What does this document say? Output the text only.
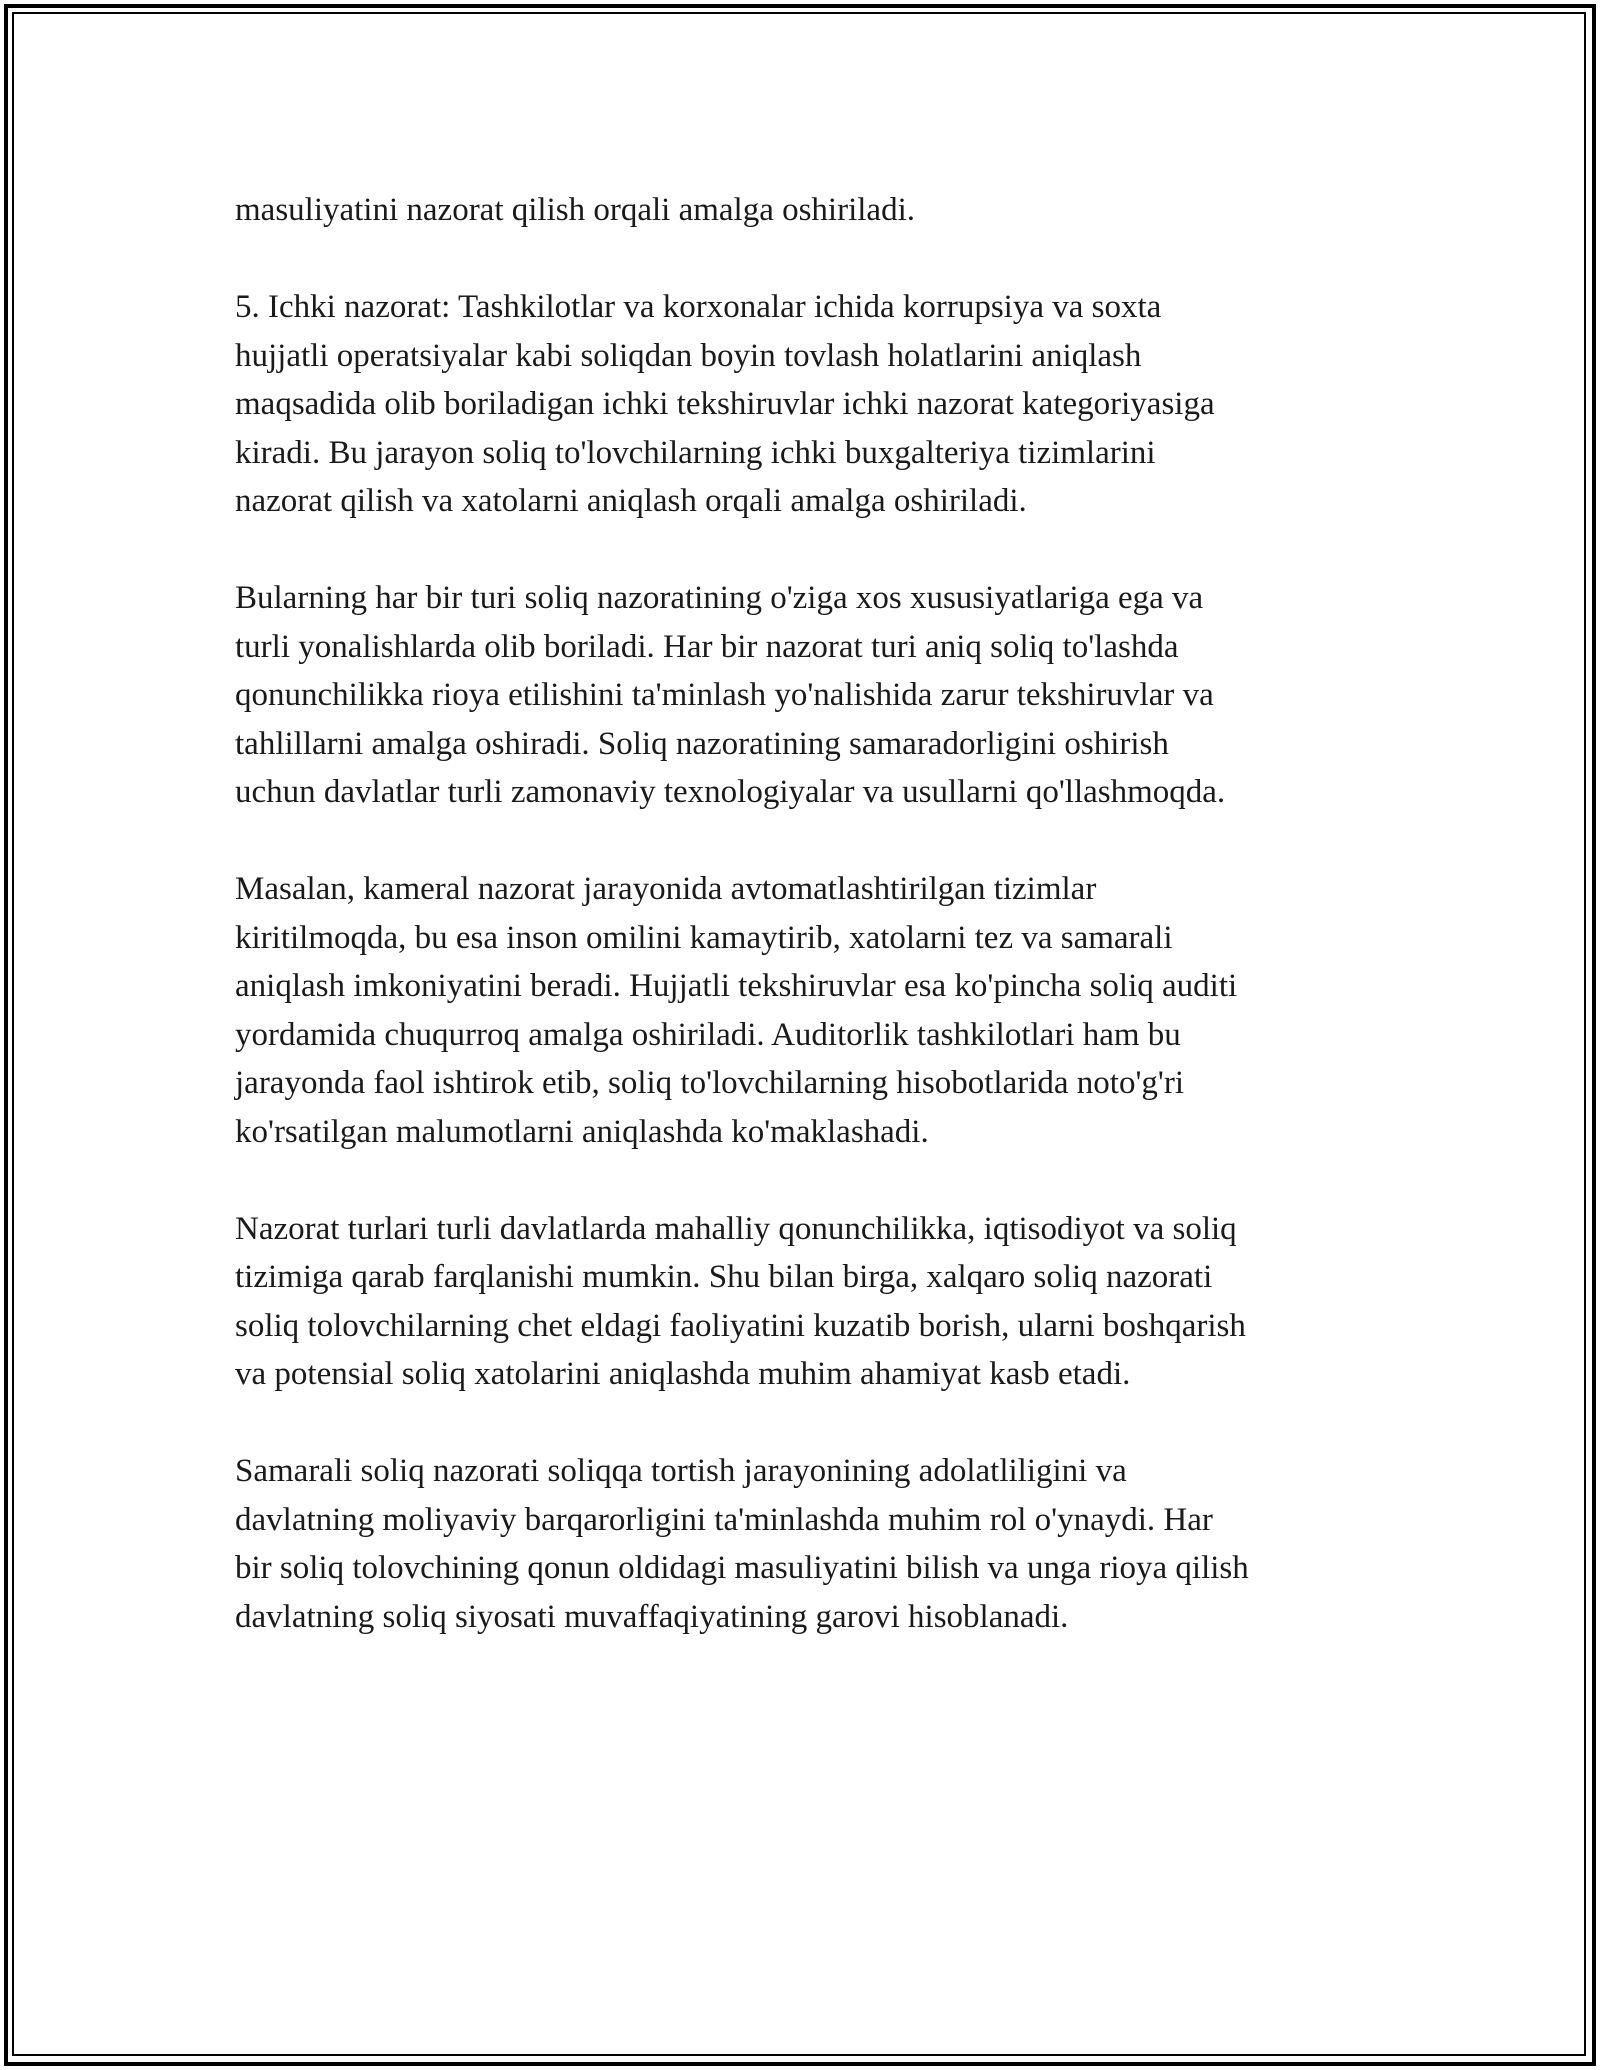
masuliyatini nazorat qilish orqali amalga oshiriladi.

5. Ichki nazorat: Tashkilotlar va korxonalar ichida korrupsiya va soxta
hujjatli operatsiyalar kabi soliqdan boyin tovlash holatlarini aniqlash
maqsadida olib boriladigan ichki tekshiruvlar ichki nazorat kategoriyasiga
kiradi. Bu jarayon soliq to'lovchilarning ichki buxgalteriya tizimlarini
nazorat qilish va xatolarni aniqlash orqali amalga oshiriladi.

Bularning har bir turi soliq nazoratining o'ziga xos xususiyatlariga ega va
turli yonalishlarda olib boriladi. Har bir nazorat turi aniq soliq to'lashda
qonunchilikka rioya etilishini ta'minlash yo'nalishida zarur tekshiruvlar va
tahlillarni amalga oshiradi. Soliq nazoratining samaradorligini oshirish
uchun davlatlar turli zamonaviy texnologiyalar va usullarni qo'llashmoqda.

Masalan, kameral nazorat jarayonida avtomatlashtirilgan tizimlar
kiritilmoqda, bu esa inson omilini kamaytirib, xatolarni tez va samarali
aniqlash imkoniyatini beradi. Hujjatli tekshiruvlar esa ko'pincha soliq auditi
yordamida chuqurroq amalga oshiriladi. Auditorlik tashkilotlari ham bu
jarayonda faol ishtirok etib, soliq to'lovchilarning hisobotlarida noto'g'ri
ko'rsatilgan malumotlarni aniqlashda ko'maklashadi.

Nazorat turlari turli davlatlarda mahalliy qonunchilikka, iqtisodiyot va soliq
tizimiga qarab farqlanishi mumkin. Shu bilan birga, xalqaro soliq nazorati
soliq tolovchilarning chet eldagi faoliyatini kuzatib borish, ularni boshqarish
va potensial soliq xatolarini aniqlashda muhim ahamiyat kasb etadi.

Samarali soliq nazorati soliqqa tortish jarayonining adolatliligini va
davlatning moliyaviy barqarorligini ta'minlashda muhim rol o'ynaydi. Har
bir soliq tolovchining qonun oldidagi masuliyatini bilish va unga rioya qilish
davlatning soliq siyosati muvaffaqiyatining garovi hisoblanadi.
